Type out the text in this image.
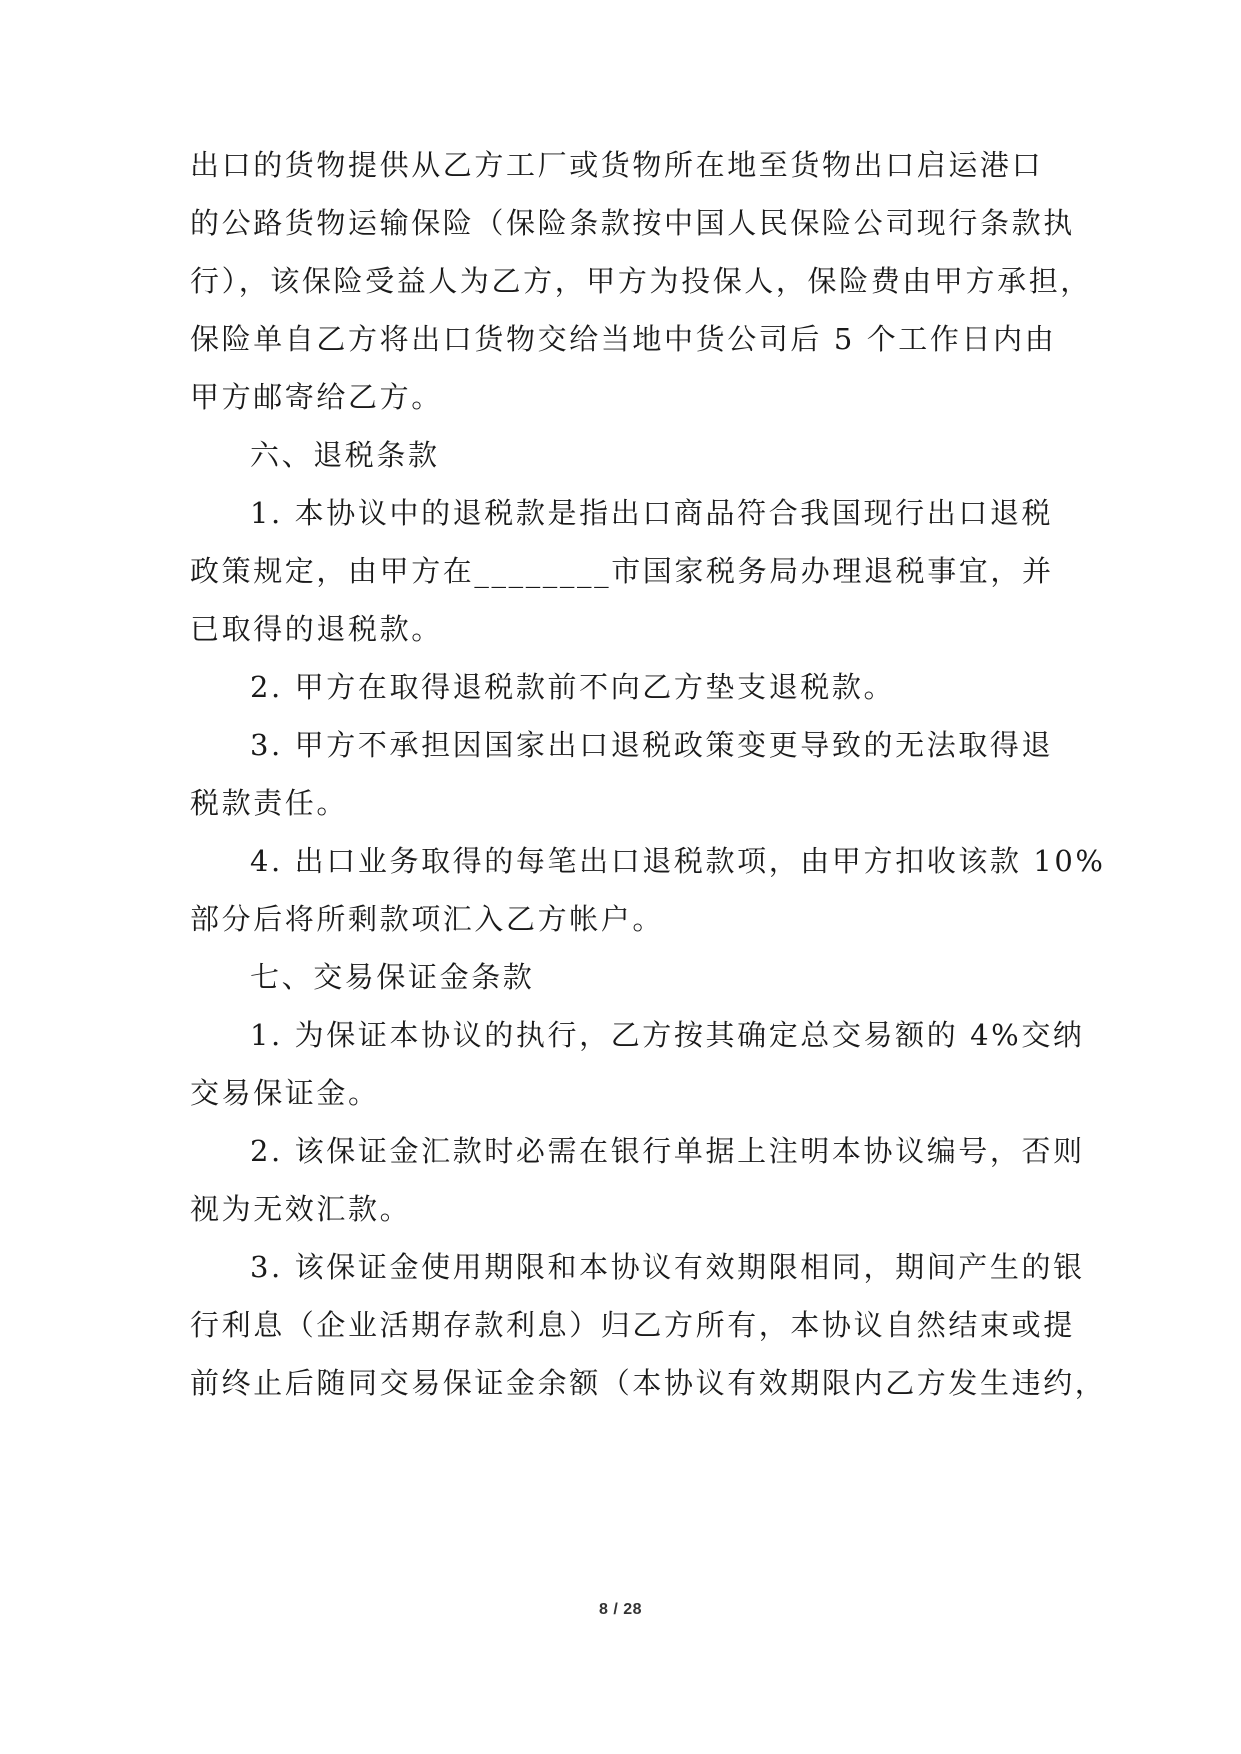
出口的货物提供从乙方工厂或货物所在地至货物出口启运港口
的公路货物运输保险（保险条款按中国人民保险公司现行条款执
行），该保险受益人为乙方，甲方为投保人，保险费由甲方承担，
保险单自乙方将出口货物交给当地中货公司后 5 个工作日内由
甲方邮寄给乙方。
六、退税条款
1. 本协议中的退税款是指出口商品符合我国现行出口退税
政策规定，由甲方在________市国家税务局办理退税事宜，并
已取得的退税款。
2. 甲方在取得退税款前不向乙方垫支退税款。
3. 甲方不承担因国家出口退税政策变更导致的无法取得退
税款责任。
4. 出口业务取得的每笔出口退税款项，由甲方扣收该款 10%
部分后将所剩款项汇入乙方帐户。
七、交易保证金条款
1. 为保证本协议的执行，乙方按其确定总交易额的 4%交纳
交易保证金。
2. 该保证金汇款时必需在银行单据上注明本协议编号，否则
视为无效汇款。
3. 该保证金使用期限和本协议有效期限相同，期间产生的银
行利息（企业活期存款利息）归乙方所有，本协议自然结束或提
前终止后随同交易保证金余额（本协议有效期限内乙方发生违约，
8 / 28
